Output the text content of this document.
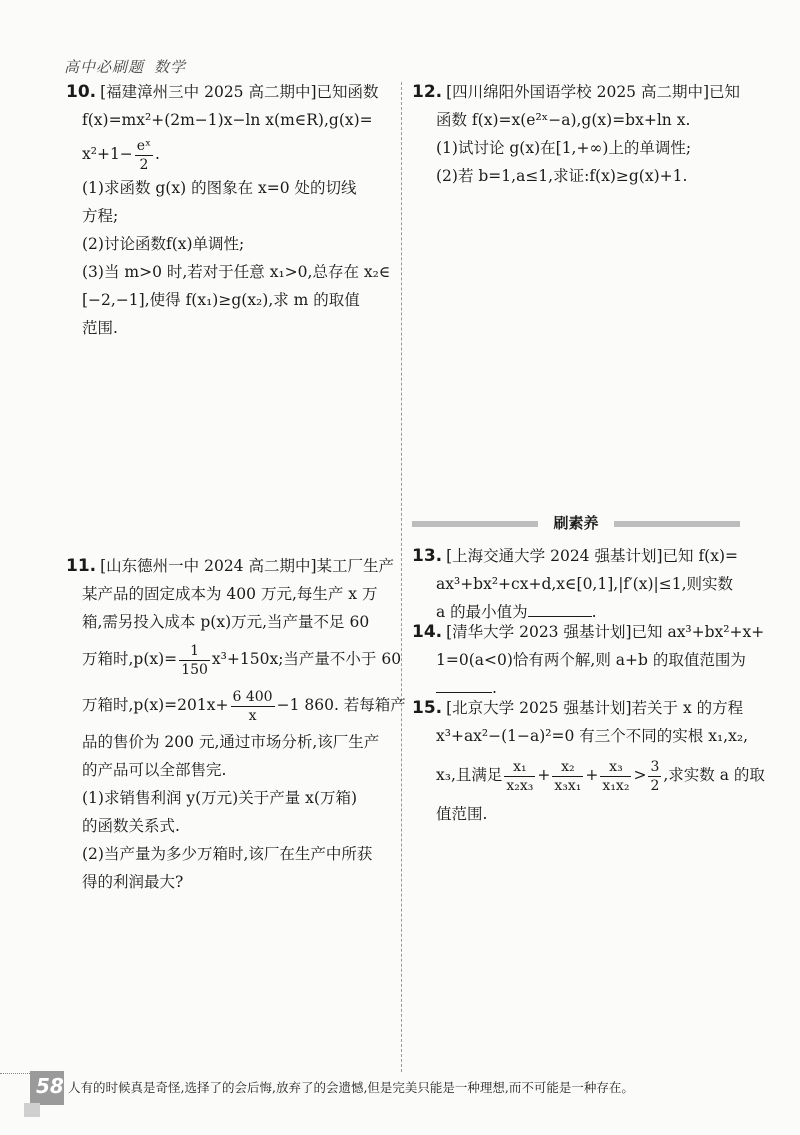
高中必刷题 数学
10. [福建漳州三中 2025 高二期中]已知函数
f(x)=mx²+(2m−1)x−ln x(m∈R),g(x)=
$x^2+1- \frac{\text{eˣ}}{2}$ .
(1)求函数 g(x) 的图象在 x=0 处的切线
方程;
(2)讨论函数f(x)单调性;
(3)当 m>0 时,若对于任意 x₁>0,总存在 x₂∈
[−2,−1],使得 f(x₁)≥g(x₂),求 m 的取值
范围.
11. [山东德州一中 2024 高二期中]某工厂生产
某产品的固定成本为 400 万元,每生产 x 万
箱,需另投入成本 p(x)万元,当产量不足 60
万箱时$,p(x)= \frac{1}{150} x^3+150x$;当产量不小于 60
万箱时$,p(x)=201x+ \frac{6 400}{x} -1$ 860. 若每箱产
品的售价为 200 元,通过市场分析,该厂生产
的产品可以全部售完.
(1)求销售利润 y(万元)关于产量 x(万箱)
的函数关系式.
(2)当产量为多少万箱时,该厂在生产中所获
得的利润最大?
12. [四川绵阳外国语学校 2025 高二期中]已知
函数 f(x)=x(e²ˣ−a),g(x)=bx+ln x.
(1)试讨论 g(x)在[1,+∞)上的单调性;
(2)若 b=1,a≤1,求证:f(x)≥g(x)+1.
刷素养
13. [上海交通大学 2024 强基计划]已知 f(x)=
ax³+bx²+cx+d,x∈[0,1],|f′(x)|≤1,则实数
a 的最小值为	.
14. [清华大学 2023 强基计划]已知 ax³+bx²+x+
1=0(a<0)恰有两个解,则 a+b 的取值范围为
.
15. [北京大学 2025 强基计划]若关于 x 的方程
x³+ax²−(1−a)²=0 有三个不同的实根 x₁,x₂,
x₃,且满足 $\frac{\text{x₁}}{\text{x₂x₃}} + \frac{\text{x₂}}{\text{x₃x₁}} + \frac{\text{x₃}}{\text{x₁x₂}} > \frac{3}{2}$ ,求实数 a 的取
值范围.
58 人有的时候真是奇怪,选择了的会后悔,放弃了的会遗憾,但是完美只能是一种理想,而不可能是一种存在。
